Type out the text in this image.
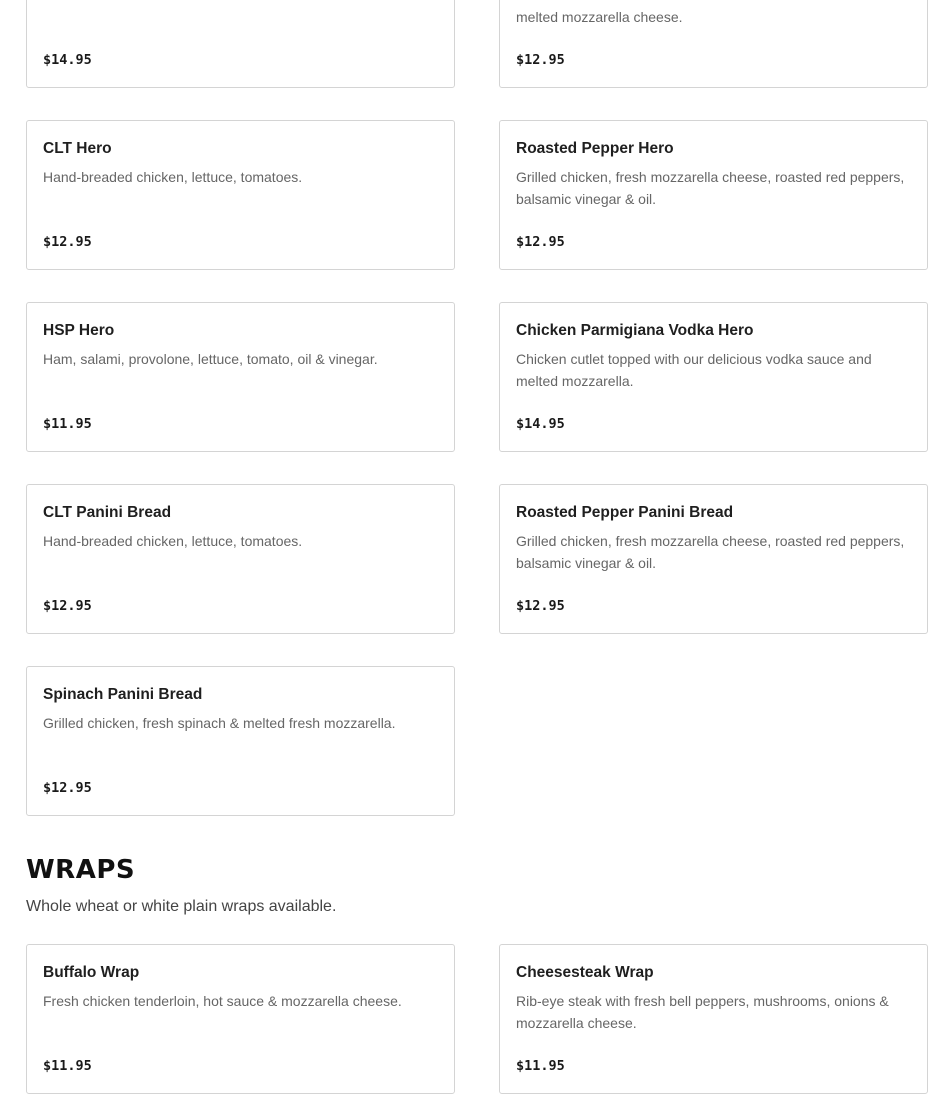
$14.95
melted mozzarella cheese.
$12.95
CLT Hero
Hand-breaded chicken, lettuce, tomatoes.
$12.95
Roasted Pepper Hero
Grilled chicken, fresh mozzarella cheese, roasted red peppers, balsamic vinegar & oil.
$12.95
HSP Hero
Ham, salami, provolone, lettuce, tomato, oil & vinegar.
$11.95
Chicken Parmigiana Vodka Hero
Chicken cutlet topped with our delicious vodka sauce and melted mozzarella.
$14.95
CLT Panini Bread
Hand-breaded chicken, lettuce, tomatoes.
$12.95
Roasted Pepper Panini Bread
Grilled chicken, fresh mozzarella cheese, roasted red peppers, balsamic vinegar & oil.
$12.95
Spinach Panini Bread
Grilled chicken, fresh spinach & melted fresh mozzarella.
$12.95
WRAPS

Whole wheat or white plain wraps available.

Buffalo Wrap
Fresh chicken tenderloin, hot sauce & mozzarella cheese.
$11.95
Cheesesteak Wrap
Rib-eye steak with fresh bell peppers, mushrooms, onions & mozzarella cheese.
$11.95
